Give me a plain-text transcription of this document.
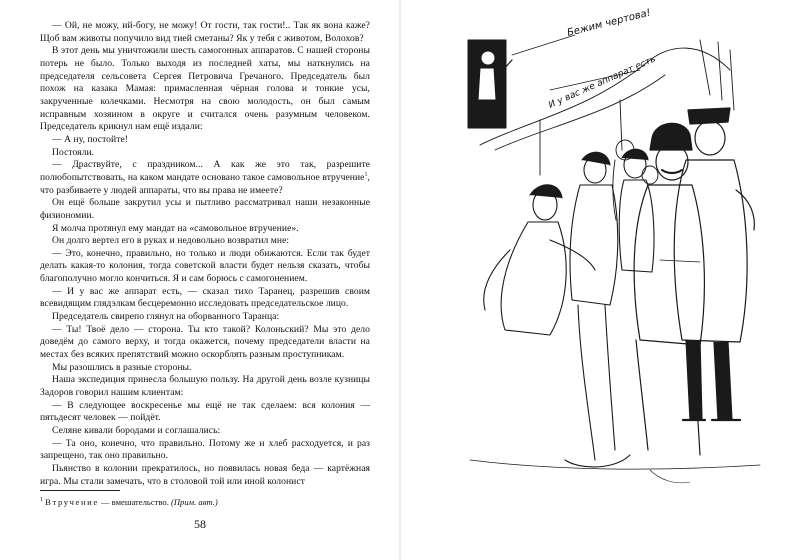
— Ой, не можу, ий-богу, не можу! От гости, так гости!.. Так як вона каже? Щоб вам животы попучило вид тией сметаны? Як у тебя с животом, Волохов?

В этот день мы уничтожили шесть самогонных аппаратов. С нашей стороны потерь не было. Только выходя из последней хаты, мы наткнулись на председателя сельсовета Сергея Петровича Гречаного. Председатель был похож на казака Мамая: примасленная чёрная голова и тонкие усы, закрученные колечками. Несмотря на свою молодость, он был самым исправным хозяином в округе и считался очень разумным человеком. Председатель крикнул нам ещё издали:

— А ну, постойте!

Постояли.

— Драствуйте, с праздником... А как же это так, разрешите полюбопытствовать, на каком мандате основано такое самовольное втручение$^1$, что разбиваете у людей аппараты, что вы права не имеете?

Он ещё больше закрутил усы и пытливо рассматривал наши незаконные физиономии.

Я молча протянул ему мандат на «самовольное втручение».

Он долго вертел его в руках и недовольно возвратил мне:

— Это, конечно, правильно, но только и люди обижаются. Если так будет делать какая-то колония, тогда советской власти будет нельзя сказать, чтобы благополучно могло кончиться. Я и сам борюсь с самогонением.

— И у вас же аппарат есть, — сказал тихо Таранец, разрешив своим всевидящим глядэлкам бесцеремонно исследовать председательское лицо.

Председатель свирепо глянул на оборванного Таранца:

— Ты! Твоё дело — сторона. Ты кто такой? Колоньский? Мы это дело доведём до самого верху, и тогда окажется, почему председатели власти на местах без всяких препятствий можно оскорблять разным проступникам.

Мы разошлись в разные стороны.

Наша экспедиция принесла большую пользу. На другой день возле кузницы Задоров говорил нашим клиентам:

— В следующее воскресенье мы ещё не так сделаем: вся колония — пятьдесят человек — пойдёт.

Селяне кивали бородами и соглашались:

— Та оно, конечно, что правильно. Потому же и хлеб расходуется, и раз запрещено, так оно правильно.

Пьянство в колонии прекратилось, но появилась новая беда — картёжная игра. Мы стали замечать, что в столовой той или иной колонист

$^1$ Втручение — вмешательство. (Прим. авт.)
58
Бежим чертова!
И у вас же аппарат есть
